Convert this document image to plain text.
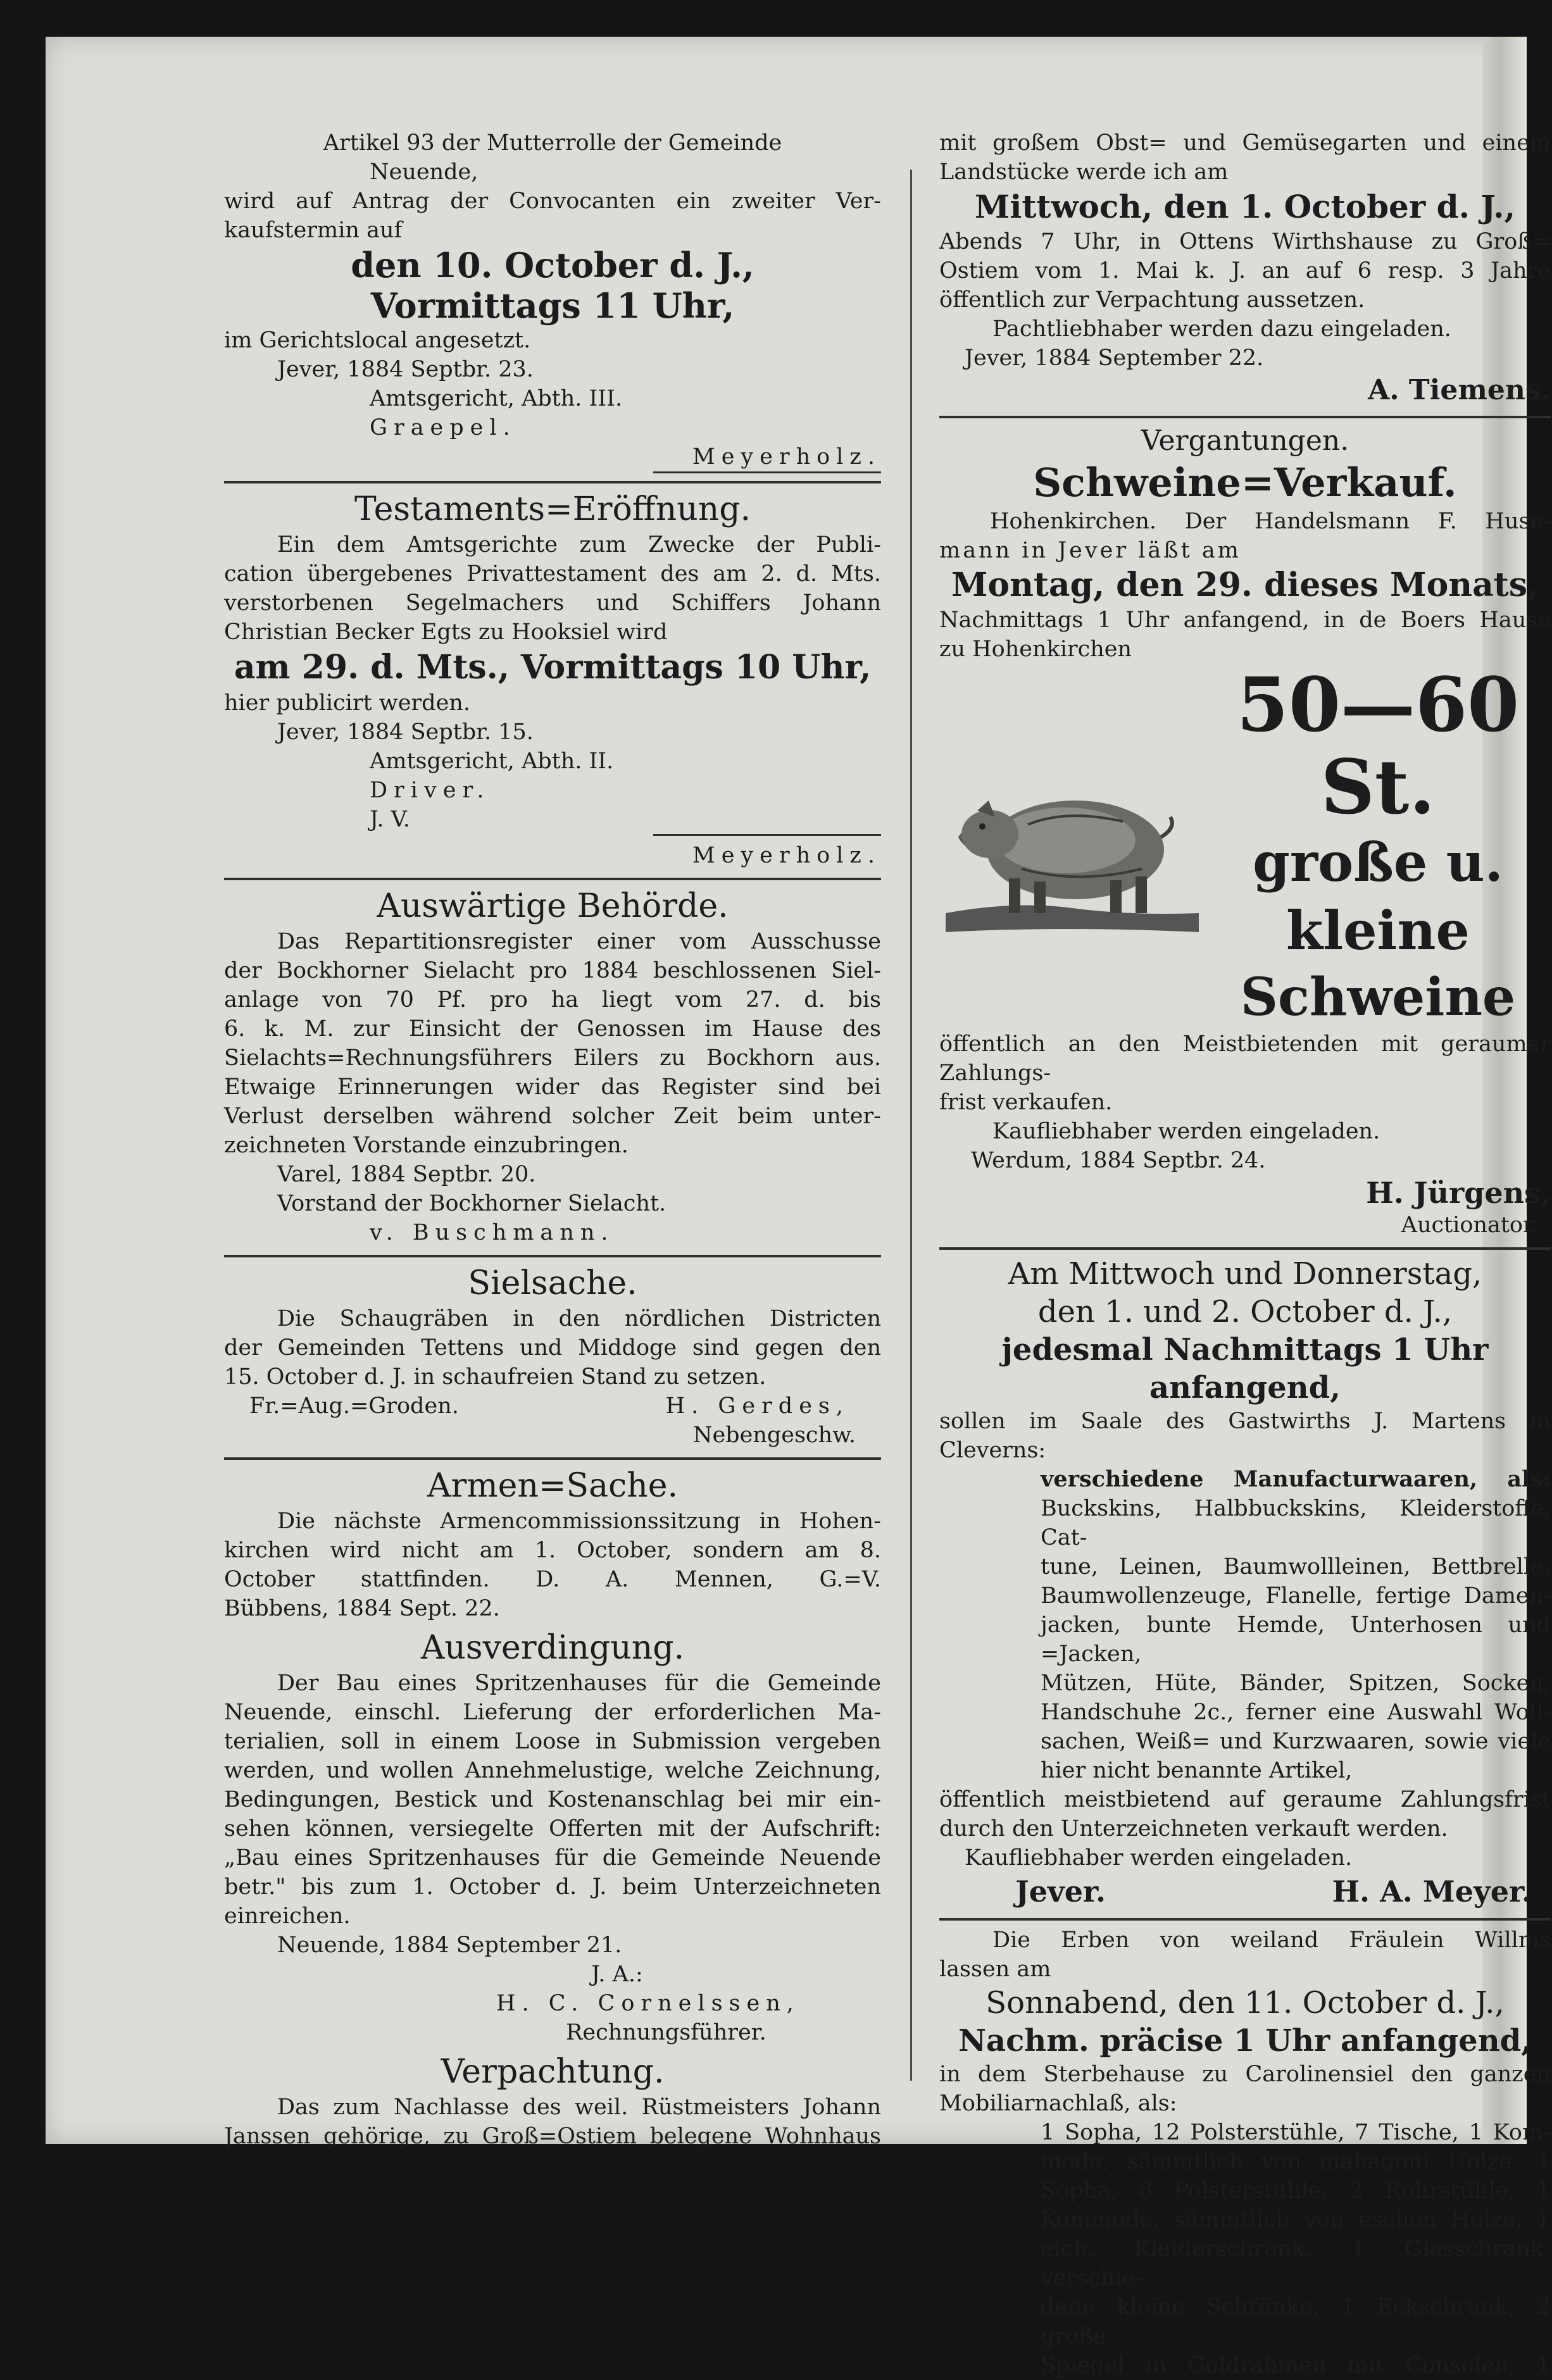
Artikel 93 der Mutterrolle der Gemeinde

Neuende,

wird auf Antrag der Convocanten ein zweiter Ver-

kaufstermin auf

den 10. October d. J.,

Vormittags 11 Uhr,

im Gerichtslocal angesetzt.

Jever, 1884 Septbr. 23.

Amtsgericht, Abth. III.

Graepel.

Meyerholz.

Testaments=Eröffnung.

Ein dem Amtsgerichte zum Zwecke der Publi-

cation übergebenes Privattestament des am 2. d. Mts.

verstorbenen Segelmachers und Schiffers Johann

Christian Becker Egts zu Hooksiel wird

am 29. d. Mts., Vormittags 10 Uhr,

hier publicirt werden.

Jever, 1884 Septbr. 15.

Amtsgericht, Abth. II.

Driver.

J. V.

Meyerholz.

Auswärtige Behörde.

Das Repartitionsregister einer vom Ausschusse

der Bockhorner Sielacht pro 1884 beschlossenen Siel-

anlage von 70 Pf. pro ha liegt vom 27. d. bis

6. k. M. zur Einsicht der Genossen im Hause des

Sielachts=Rechnungsführers Eilers zu Bockhorn aus.

Etwaige Erinnerungen wider das Register sind bei

Verlust derselben während solcher Zeit beim unter-

zeichneten Vorstande einzubringen.

Varel, 1884 Septbr. 20.

Vorstand der Bockhorner Sielacht.

v. Buschmann.

Sielsache.

Die Schaugräben in den nördlichen Districten

der Gemeinden Tettens und Middoge sind gegen den

15. October d. J. in schaufreien Stand zu setzen.

Fr.=Aug.=Groden.	H. Gerdes,

Nebengeschw.

Armen=Sache.

Die nächste Armencommissionssitzung in Hohen-

kirchen wird nicht am 1. October, sondern am 8.

October stattfinden. D. A. Mennen, G.=V.

Bübbens, 1884 Sept. 22.

Ausverdingung.

Der Bau eines Spritzenhauses für die Gemeinde

Neuende, einschl. Lieferung der erforderlichen Ma-

terialien, soll in einem Loose in Submission vergeben

werden, und wollen Annehmelustige, welche Zeichnung,

Bedingungen, Bestick und Kostenanschlag bei mir ein-

sehen können, versiegelte Offerten mit der Aufschrift:

„Bau eines Spritzenhauses für die Gemeinde Neuende

betr." bis zum 1. October d. J. beim Unterzeichneten

einreichen.

Neuende, 1884 September 21.

J. A.:

H. C. Cornelssen,

Rechnungsführer.

Verpachtung.

Das zum Nachlasse des weil. Rüstmeisters Johann

Janssen gehörige, zu Groß=Ostiem belegene Wohnhaus

mit großem Obst= und Gemüsegarten und einem

Landstücke werde ich am

Mittwoch, den 1. October d. J.,

Abends 7 Uhr, in Ottens Wirthshause zu Groß=

Ostiem vom 1. Mai k. J. an auf 6 resp. 3 Jahre

öffentlich zur Verpachtung aussetzen.

Pachtliebhaber werden dazu eingeladen.

Jever, 1884 September 22.

A. Tiemens.

Vergantungen.

Schweine=Verkauf.

Hohenkirchen. Der Handelsmann F. Huse-

mann in Jever läßt am

Montag, den 29. dieses Monats,

Nachmittags 1 Uhr anfangend, in de Boers Hause

zu Hohenkirchen

50—60 St.

große u. kleine

Schweine

öffentlich an den Meistbietenden mit geraumer Zahlungs-

frist verkaufen.

Kaufliebhaber werden eingeladen.

Werdum, 1884 Septbr. 24.

H. Jürgens,

Auctionator.

Am Mittwoch und Donnerstag,

den 1. und 2. October d. J.,

jedesmal Nachmittags 1 Uhr anfangend,

sollen im Saale des Gastwirths J. Martens in

Cleverns:

verschiedene Manufacturwaaren, als:

Buckskins, Halbbuckskins, Kleiderstoffe, Cat-

tune, Leinen, Baumwollleinen, Bettbrelle,

Baumwollenzeuge, Flanelle, fertige Damen-

jacken, bunte Hemde, Unterhosen und =Jacken,

Mützen, Hüte, Bänder, Spitzen, Socken,

Handschuhe 2c., ferner eine Auswahl Woll-

sachen, Weiß= und Kurzwaaren, sowie viele

hier nicht benannte Artikel,

öffentlich meistbietend auf geraume Zahlungsfrist

durch den Unterzeichneten verkauft werden.

Kaufliebhaber werden eingeladen.

Jever.	H. A. Meyer.

Die Erben von weiland Fräulein Willms

lassen am

Sonnabend, den 11. October d. J.,

Nachm. präcise 1 Uhr anfangend,

in dem Sterbehause zu Carolinensiel den ganzen

Mobiliarnachlaß, als:

1 Sopha, 12 Polsterstühle, 7 Tische, 1 Kom-

mode, sämmtlich von mahagoni Holze, 1

Sopha, 8 Polsterstühle, 2 Rohrstühle, 1

Kommode, sämmtlich von eschen Holze, 1

eich. Kleiderschrank, 1 Glasschrank, verschie-

dene kleine Schränke, 1 Eckschrank, 2 große

Spiegel in Goldrahmen mit Consolen, 1
